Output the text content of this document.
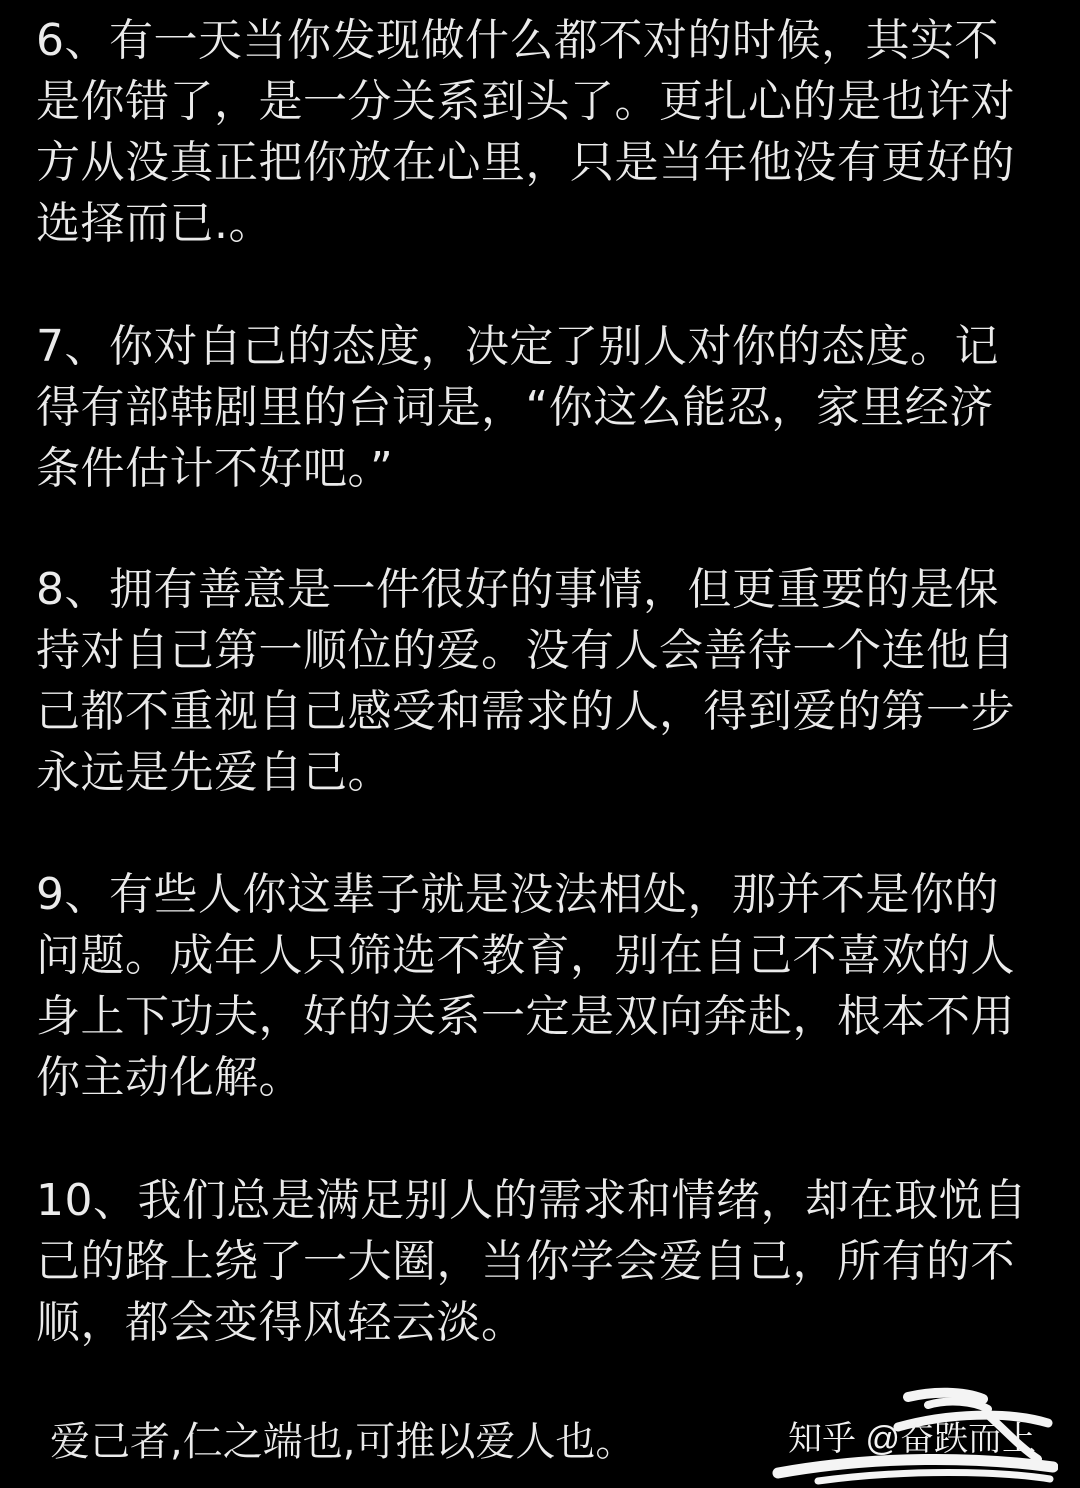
6、有一天当你发现做什么都不对的时候，其实不
是你错了，是一分关系到头了。更扎心的是也许对
方从没真正把你放在心里，只是当年他没有更好的
选择而已.。
7、你对自己的态度，决定了别人对你的态度。记
得有部韩剧里的台词是，“你这么能忍，家里经济
条件估计不好吧。”
8、拥有善意是一件很好的事情，但更重要的是保
持对自己第一顺位的爱。没有人会善待一个连他自
己都不重视自己感受和需求的人，得到爱的第一步
永远是先爱自己。
9、有些人你这辈子就是没法相处，那并不是你的
问题。成年人只筛选不教育，别在自己不喜欢的人
身上下功夫，好的关系一定是双向奔赴，根本不用
你主动化解。
10、我们总是满足别人的需求和情绪，却在取悦自
己的路上绕了一大圈，当你学会爱自己，所有的不
顺，都会变得风轻云淡。
爱己者,仁之端也,可推以爱人也。	知乎 @奋跌而上
